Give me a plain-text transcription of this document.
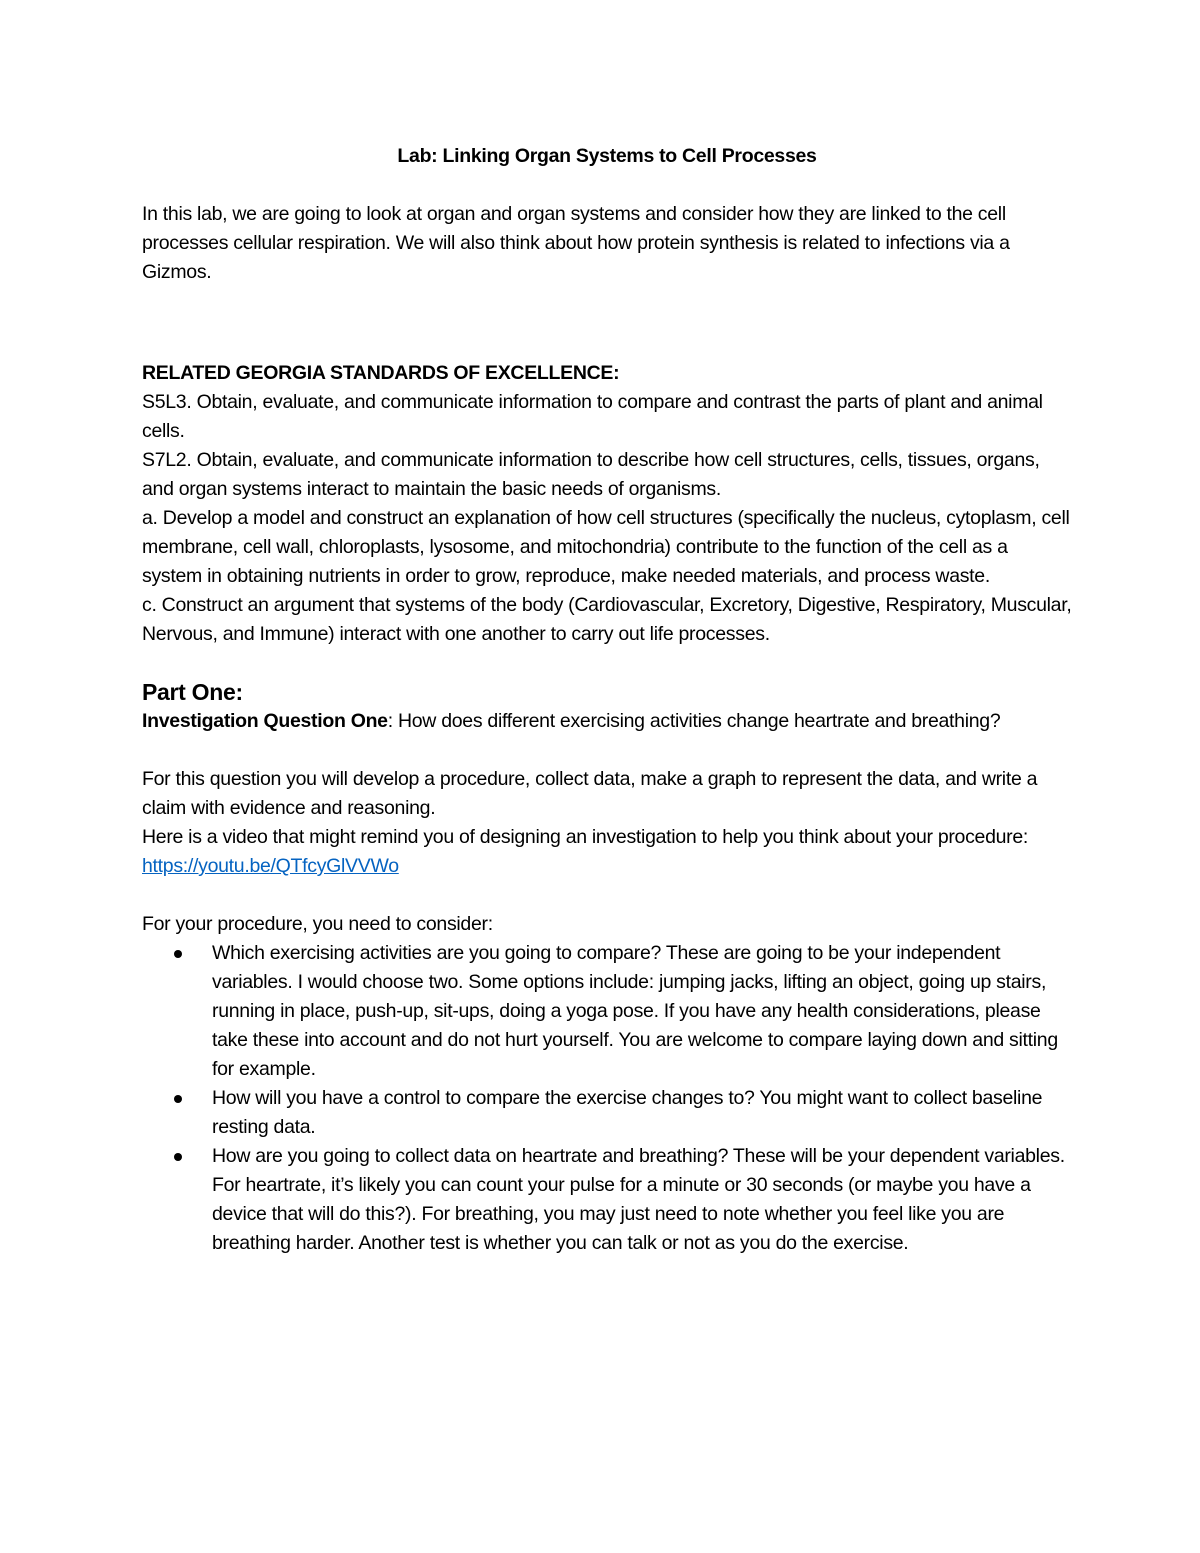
Lab: Linking Organ Systems to Cell Processes

In this lab, we are going to look at organ and organ systems and consider how they are linked to the cell processes cellular respiration. We will also think about how protein synthesis is related to infections via a Gizmos.

RELATED GEORGIA STANDARDS OF EXCELLENCE:

S5L3. Obtain, evaluate, and communicate information to compare and contrast the parts of plant and animal cells.

S7L2. Obtain, evaluate, and communicate information to describe how cell structures, cells, tissues, organs, and organ systems interact to maintain the basic needs of organisms.

a. Develop a model and construct an explanation of how cell structures (specifically the nucleus, cytoplasm, cell membrane, cell wall, chloroplasts, lysosome, and mitochondria) contribute to the function of the cell as a system in obtaining nutrients in order to grow, reproduce, make needed materials, and process waste.

c. Construct an argument that systems of the body (Cardiovascular, Excretory, Digestive, Respiratory, Muscular, Nervous, and Immune) interact with one another to carry out life processes.

Part One:

Investigation Question One: How does different exercising activities change heartrate and breathing?

For this question you will develop a procedure, collect data, make a graph to represent the data, and write a claim with evidence and reasoning.

Here is a video that might remind you of designing an investigation to help you think about your procedure: https://youtu.be/QTfcyGlVVWo

For your procedure, you need to consider:

Which exercising activities are you going to compare? These are going to be your independent variables. I would choose two. Some options include: jumping jacks, lifting an object, going up stairs, running in place, push-up, sit-ups, doing a yoga pose. If you have any health considerations, please take these into account and do not hurt yourself. You are welcome to compare laying down and sitting for example.
How will you have a control to compare the exercise changes to? You might want to collect baseline resting data.
How are you going to collect data on heartrate and breathing? These will be your dependent variables. For heartrate, it’s likely you can count your pulse for a minute or 30 seconds (or maybe you have a device that will do this?). For breathing, you may just need to note whether you feel like you are breathing harder. Another test is whether you can talk or not as you do the exercise.
